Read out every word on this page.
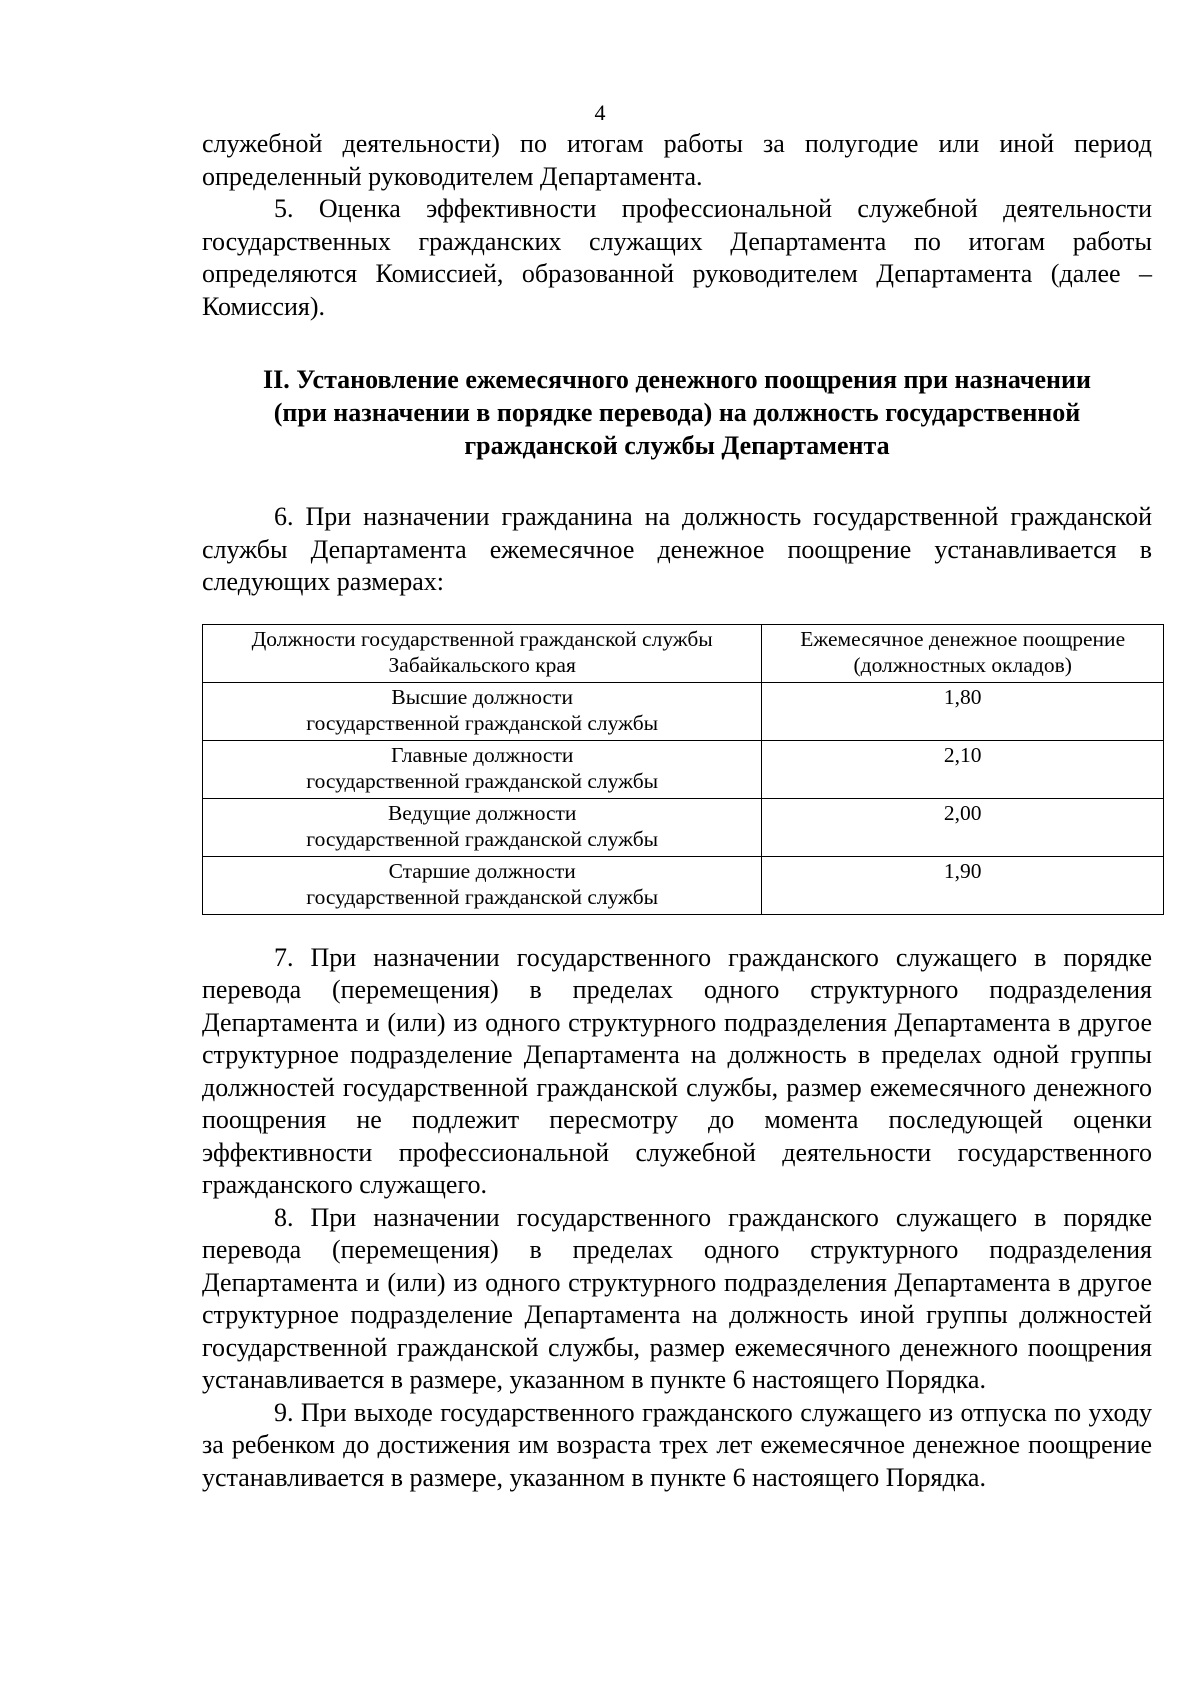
4

служебной деятельности) по итогам работы за полугодие или иной период определенный руководителем Департамента.

5. Оценка эффективности профессиональной служебной деятельности государственных гражданских служащих Департамента по итогам работы определяются Комиссией, образованной руководителем Департамента (далее – Комиссия).

II. Установление ежемесячного денежного поощрения при назначении
(при назначении в порядке перевода) на должность государственной
гражданской службы Департамента

6. При назначении гражданина на должность государственной гражданской службы Департамента ежемесячное денежное поощрение устанавливается в следующих размерах:

Должности государственной гражданской службы
Забайкальского края	Ежемесячное денежное поощрение
(должностных окладов)

Высшие должности
государственной гражданской службы	1,80

Главные должности
государственной гражданской службы	2,10

Ведущие должности
государственной гражданской службы	2,00

Старшие должности
государственной гражданской службы	1,90

7. При назначении государственного гражданского служащего в порядке перевода (перемещения) в пределах одного структурного подразделения Департамента и (или) из одного структурного подразделения Департамента в другое структурное подразделение Департамента на должность в пределах одной группы должностей государственной гражданской службы, размер ежемесячного денежного поощрения не подлежит пересмотру до момента последующей оценки эффективности профессиональной служебной деятельности государственного гражданского служащего.

8. При назначении государственного гражданского служащего в порядке перевода (перемещения) в пределах одного структурного подразделения Департамента и (или) из одного структурного подразделения Департамента в другое структурное подразделение Департамента на должность иной группы должностей государственной гражданской службы, размер ежемесячного денежного поощрения устанавливается в размере, указанном в пункте 6 настоящего Порядка.

9. При выходе государственного гражданского служащего из отпуска по уходу за ребенком до достижения им возраста трех лет ежемесячное денежное поощрение устанавливается в размере, указанном в пункте 6 настоящего Порядка.
